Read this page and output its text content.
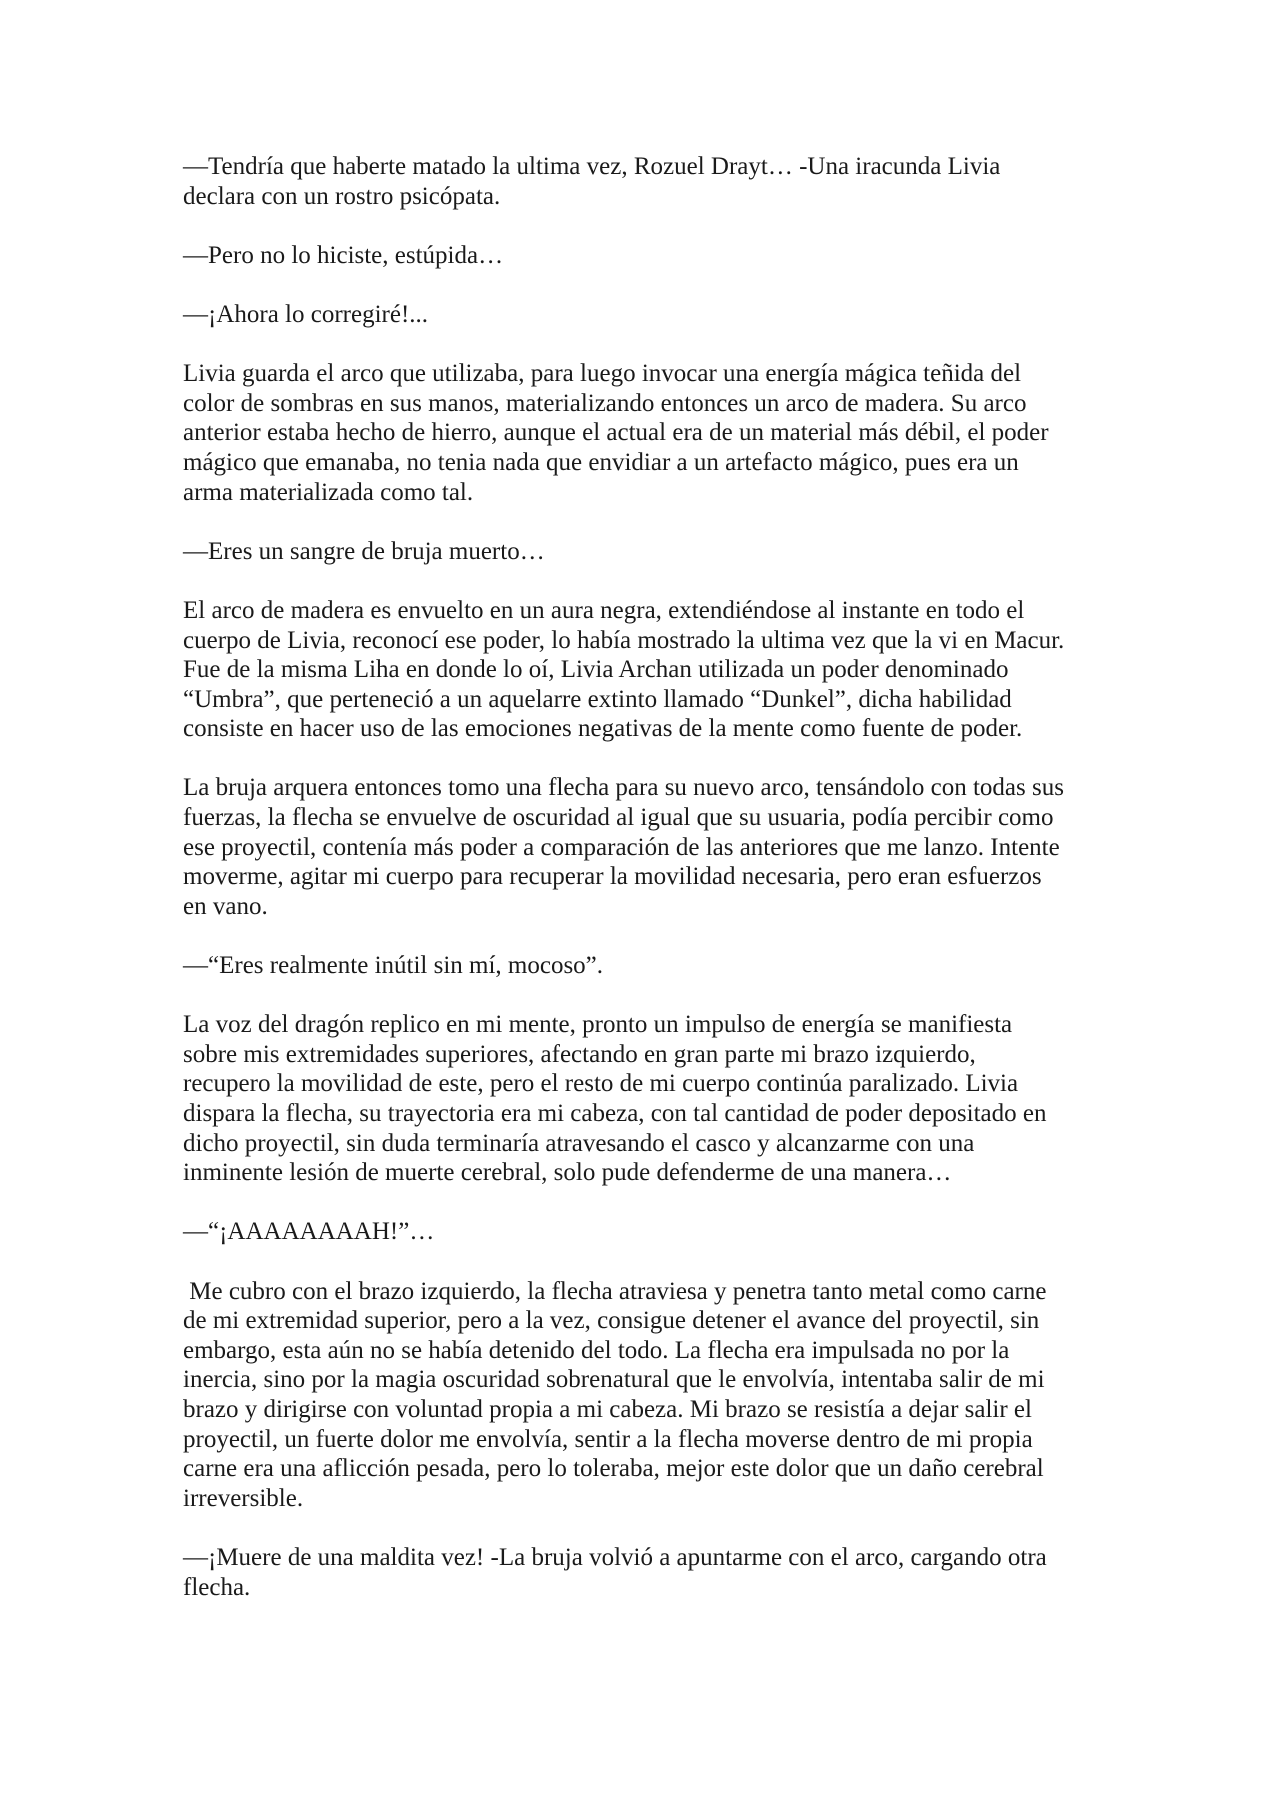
—Tendría que haberte matado la ultima vez, Rozuel Drayt… -Una iracunda Livia
declara con un rostro psicópata.

—Pero no lo hiciste, estúpida…

—¡Ahora lo corregiré!...

Livia guarda el arco que utilizaba, para luego invocar una energía mágica teñida del
color de sombras en sus manos, materializando entonces un arco de madera. Su arco
anterior estaba hecho de hierro, aunque el actual era de un material más débil, el poder
mágico que emanaba, no tenia nada que envidiar a un artefacto mágico, pues era un
arma materializada como tal.

—Eres un sangre de bruja muerto…

El arco de madera es envuelto en un aura negra, extendiéndose al instante en todo el
cuerpo de Livia, reconocí ese poder, lo había mostrado la ultima vez que la vi en Macur.
Fue de la misma Liha en donde lo oí, Livia Archan utilizada un poder denominado
“Umbra”, que perteneció a un aquelarre extinto llamado “Dunkel”, dicha habilidad
consiste en hacer uso de las emociones negativas de la mente como fuente de poder.

La bruja arquera entonces tomo una flecha para su nuevo arco, tensándolo con todas sus
fuerzas, la flecha se envuelve de oscuridad al igual que su usuaria, podía percibir como
ese proyectil, contenía más poder a comparación de las anteriores que me lanzo. Intente
moverme, agitar mi cuerpo para recuperar la movilidad necesaria, pero eran esfuerzos
en vano.

—“Eres realmente inútil sin mí, mocoso”.

La voz del dragón replico en mi mente, pronto un impulso de energía se manifiesta
sobre mis extremidades superiores, afectando en gran parte mi brazo izquierdo,
recupero la movilidad de este, pero el resto de mi cuerpo continúa paralizado. Livia
dispara la flecha, su trayectoria era mi cabeza, con tal cantidad de poder depositado en
dicho proyectil, sin duda terminaría atravesando el casco y alcanzarme con una
inminente lesión de muerte cerebral, solo pude defenderme de una manera…

—“¡AAAAAAAAH!”…

Me cubro con el brazo izquierdo, la flecha atraviesa y penetra tanto metal como carne
de mi extremidad superior, pero a la vez, consigue detener el avance del proyectil, sin
embargo, esta aún no se había detenido del todo. La flecha era impulsada no por la
inercia, sino por la magia oscuridad sobrenatural que le envolvía, intentaba salir de mi
brazo y dirigirse con voluntad propia a mi cabeza. Mi brazo se resistía a dejar salir el
proyectil, un fuerte dolor me envolvía, sentir a la flecha moverse dentro de mi propia
carne era una aflicción pesada, pero lo toleraba, mejor este dolor que un daño cerebral
irreversible.

—¡Muere de una maldita vez! -La bruja volvió a apuntarme con el arco, cargando otra
flecha.
